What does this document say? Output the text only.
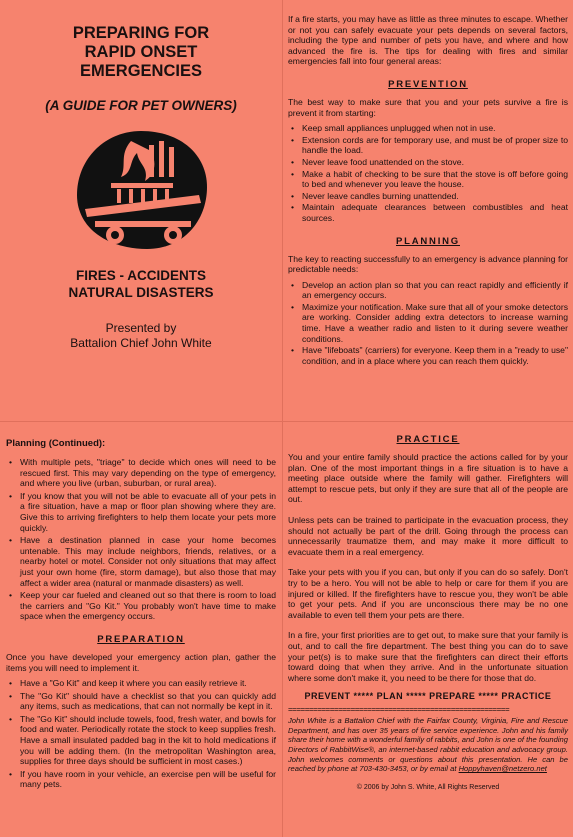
PREPARING FOR
RAPID ONSET
EMERGENCIES
(A GUIDE FOR PET OWNERS)
FIRES - ACCIDENTS
NATURAL DISASTERS
Presented by
Battalion Chief John White

If a fire starts, you may have as little as three minutes to escape. Whether or not you can safely evacuate your pets depends on several factors, including the type and number of pets you have, and where and how advanced the fire is. The tips for dealing with fires and similar emergencies fall into four general areas:

PREVENTION

The best way to make sure that you and your pets survive a fire is prevent it from starting:

• Keep small appliances unplugged when not in use.
• Extension cords are for temporary use, and must be of proper size to handle the load.
• Never leave food unattended on the stove.
• Make a habit of checking to be sure that the stove is off before going to bed and whenever you leave the house.
• Never leave candles burning unattended.
• Maintain adequate clearances between combustibles and heat sources.
PLANNING

The key to reacting successfully to an emergency is advance planning for predictable needs:

• Develop an action plan so that you can react rapidly and efficiently if an emergency occurs.
• Maximize your notification. Make sure that all of your smoke detectors are working. Consider adding extra detectors to increase warning time. Have a weather radio and listen to it during severe weather conditions.
• Have "lifeboats" (carriers) for everyone. Keep them in a "ready to use" condition, and in a place where you can reach them quickly.
Planning (Continued):
• With multiple pets, "triage" to decide which ones will need to be rescued first. This may vary depending on the type of emergency, and where you live (urban, suburban, or rural area).
• If you know that you will not be able to evacuate all of your pets in a fire situation, have a map or floor plan showing where they are. Give this to arriving firefighters to help them locate your pets more quickly.
• Have a destination planned in case your home becomes untenable. This may include neighbors, friends, relatives, or a nearby hotel or motel. Consider not only situations that may affect just your own home (fire, storm damage), but also those that may affect a wider area (natural or manmade disasters) as well.
• Keep your car fueled and cleaned out so that there is room to load the carriers and "Go Kit." You probably won't have time to make space when the emergency occurs.
PREPARATION

Once you have developed your emergency action plan, gather the items you will need to implement it.

• Have a "Go Kit" and keep it where you can easily retrieve it.
• The "Go Kit" should have a checklist so that you can quickly add any items, such as medications, that can not normally be kept in it.
• The "Go Kit" should include towels, food, fresh water, and bowls for food and water. Periodically rotate the stock to keep supplies fresh. Have a small insulated padded bag in the kit to hold medications if you will be adding them. (In the metropolitan Washington area, supplies for three days should be sufficient in most cases.)
• If you have room in your vehicle, an exercise pen will be useful for many pets.
PRACTICE

You and your entire family should practice the actions called for by your plan. One of the most important things in a fire situation is to have a meeting place outside where the family will gather. Firefighters will attempt to rescue pets, but only if they are sure that all of the people are out.

Unless pets can be trained to participate in the evacuation process, they should not actually be part of the drill. Going through the process can unnecessarily traumatize them, and may make it more difficult to evacuate them in a real emergency.

Take your pets with you if you can, but only if you can do so safely. Don't try to be a hero. You will not be able to help or care for them if you are injured or killed. If the firefighters have to rescue you, they won't be able to get your pets. And if you are unconscious there may be no one available to even tell them your pets are there.

In a fire, your first priorities are to get out, to make sure that your family is out, and to call the fire department. The best thing you can do to save your pet(s) is to make sure that the firefighters can direct their efforts toward doing that when they arrive. And in the unfortunate situation where some don't make it, you need to be there for those that do.

PREVENT ***** PLAN ***** PREPARE ***** PRACTICE
=====================================================

John White is a Battalion Chief with the Fairfax County, Virginia, Fire and Rescue Department, and has over 35 years of fire service experience. John and his family share their home with a wonderful family of rabbits, and John is one of the founding Directors of RabbitWise®, an internet-based rabbit education and advocacy group. John welcomes comments or questions about this presentation. He can be reached by phone at 703-430-3453, or by email at Hoppyhaven@netzero.net

© 2006 by John S. White, All Rights Reserved
